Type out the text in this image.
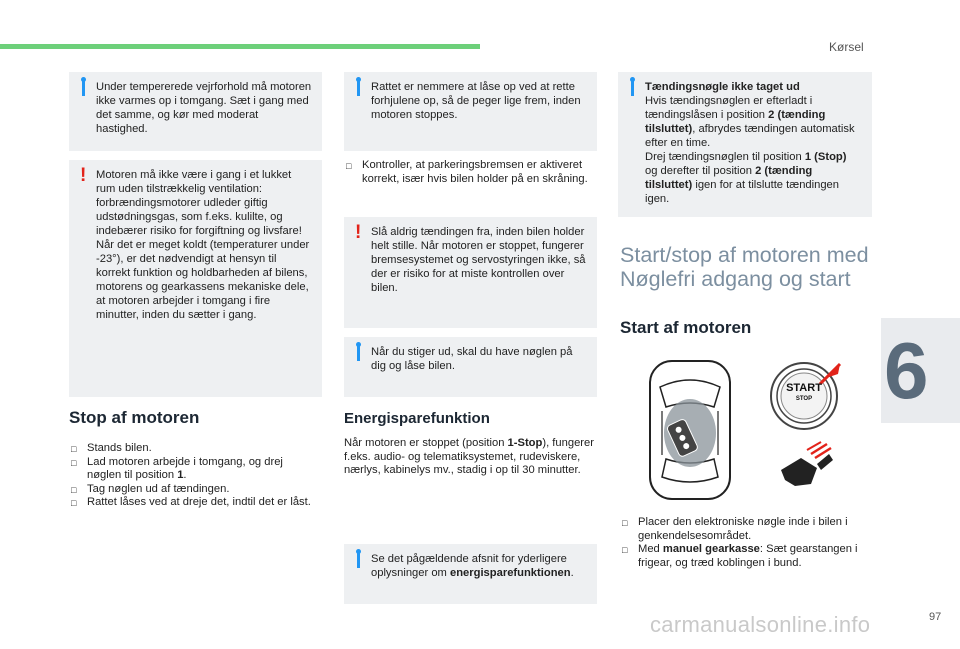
Kørsel
6
Under tempererede vejrforhold må motoren ikke varmes op i tomgang. Sæt i gang med det samme, og kør med moderat hastighed.
! Motoren må ikke være i gang i et lukket rum uden tilstrækkelig ventilation: forbrændingsmotorer udleder giftig udstødningsgas, som f.eks. kulilte, og indebærer risiko for forgiftning og livsfare! Når det er meget koldt (temperaturer under -23°), er det nødvendigt at hensyn til korrekt funktion og holdbarheden af bilens, motorens og gearkassens mekaniske dele, at motoren arbejder i tomgang i fire minutter, inden du sætter i gang.
Stop af motoren
□ Stands bilen.
□ Lad motoren arbejde i tomgang, og drej nøglen til position 1.
□ Tag nøglen ud af tændingen.
□ Rattet låses ved at dreje det, indtil det er låst.
Rattet er nemmere at låse op ved at rette forhjulene op, så de peger lige frem, inden motoren stoppes.
□ Kontroller, at parkeringsbremsen er aktiveret korrekt, især hvis bilen holder på en skråning.
! Slå aldrig tændingen fra, inden bilen holder helt stille. Når motoren er stoppet, fungerer bremsesystemet og servostyringen ikke, så der er risiko for at miste kontrollen over bilen.
Når du stiger ud, skal du have nøglen på dig og låse bilen.
Energisparefunktion
Når motoren er stoppet (position 1-Stop), fungerer f.eks. audio- og telematiksystemet, rudeviskere, nærlys, kabinelys mv., stadig i op til 30 minutter.
Se det pågældende afsnit for yderligere oplysninger om energisparefunktionen.
Tændingsnøgle ikke taget ud
Hvis tændingsnøglen er efterladt i tændingslåsen i position 2 (tænding tilsluttet), afbrydes tændingen automatisk efter en time.
Drej tændingsnøglen til position 1 (Stop) og derefter til position 2 (tænding tilsluttet) igen for at tilslutte tændingen igen.
Start/stop af motoren med
Nøglefri adgang og start
Start af motoren
START
STOP
□ Placer den elektroniske nøgle inde i bilen i genkendelsesområdet.
□ Med manuel gearkasse: Sæt gearstangen i frigear, og træd koblingen i bund.
97
carmanualsonline.info
